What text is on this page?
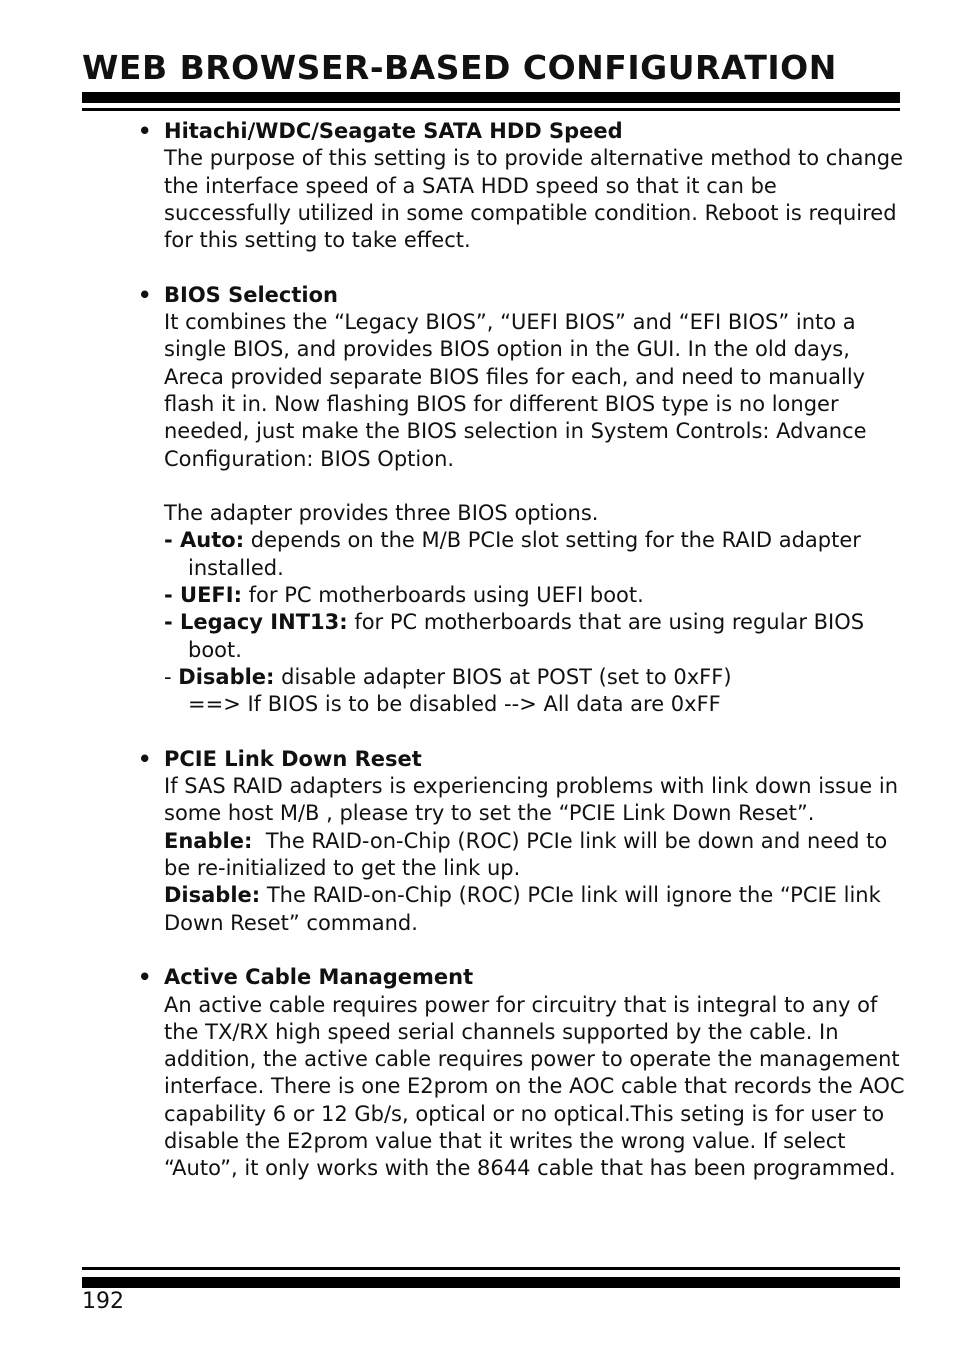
WEB BROWSER-BASED CONFIGURATION
• Hitachi/WDC/Seagate SATA HDD Speed

The purpose of this setting is to provide alternative method to change the interface speed of a SATA HDD speed so that it can be successfully utilized in some compatible condition. Reboot is required for this setting to take effect.

• BIOS Selection

It combines the “Legacy BIOS”, “UEFI BIOS” and “EFI BIOS” into a single BIOS, and provides BIOS option in the GUI. In the old days, Areca provided separate BIOS files for each, and need to manually flash it in. Now flashing BIOS for different BIOS type is no longer needed, just make the BIOS selection in System Controls: Advance Configuration: BIOS Option.

The adapter provides three BIOS options.

- Auto: depends on the M/B PCIe slot setting for the RAID adapter installed.

- UEFI: for PC motherboards using UEFI boot.

- Legacy INT13: for PC motherboards that are using regular BIOS boot.

- Disable: disable adapter BIOS at POST (set to 0xFF)
==> If BIOS is to be disabled --> All data are 0xFF

• PCIE Link Down Reset

If SAS RAID adapters is experiencing problems with link down issue in some host M/B , please try to set the “PCIE Link Down Reset”.

Enable:  The RAID-on-Chip (ROC) PCIe link will be down and need to be re-initialized to get the link up.

Disable: The RAID-on-Chip (ROC) PCIe link will ignore the “PCIE link Down Reset” command.

• Active Cable Management

An active cable requires power for circuitry that is integral to any of the TX/RX high speed serial channels supported by the cable. In addition, the active cable requires power to operate the management interface. There is one E2prom on the AOC cable that records the AOC capability 6 or 12 Gb/s, optical or no optical.This seting is for user to disable the E2prom value that it writes the wrong value. If select “Auto”, it only works with the 8644 cable that has been programmed.

192
